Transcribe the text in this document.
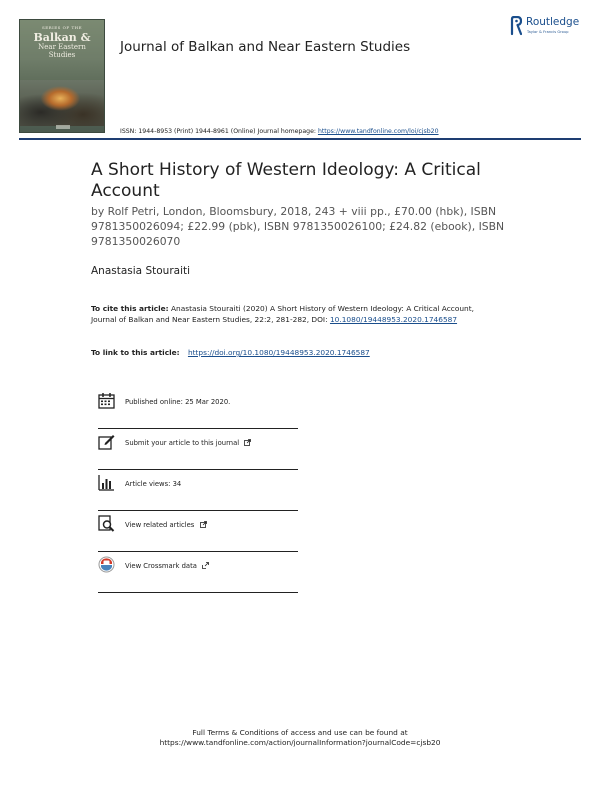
SERIES OF THE
Balkan &
Near Eastern
Studies	Journal of Balkan and Near Eastern Studies
Routledge
Taylor & Francis Group
ISSN: 1944-8953 (Print) 1944-8961 (Online) Journal homepage: https://www.tandfonline.com/loi/cjsb20
A Short History of Western Ideology: A Critical Account
by Rolf Petri, London, Bloomsbury, 2018, 243 + viii pp., £70.00 (hbk), ISBN 9781350026094; £22.99 (pbk), ISBN 9781350026100; £24.82 (ebook), ISBN 9781350026070
Anastasia Stouraiti
To cite this article: Anastasia Stouraiti (2020) A Short History of Western Ideology: A Critical Account, Journal of Balkan and Near Eastern Studies, 22:2, 281-282, DOI: 10.1080/19448953.2020.1746587
To link to this article: https://doi.org/10.1080/19448953.2020.1746587
Published online: 25 Mar 2020.
Submit your article to this journal
Article views: 34
View related articles
View Crossmark data
Full Terms & Conditions of access and use can be found at
https://www.tandfonline.com/action/journalInformation?journalCode=cjsb20
